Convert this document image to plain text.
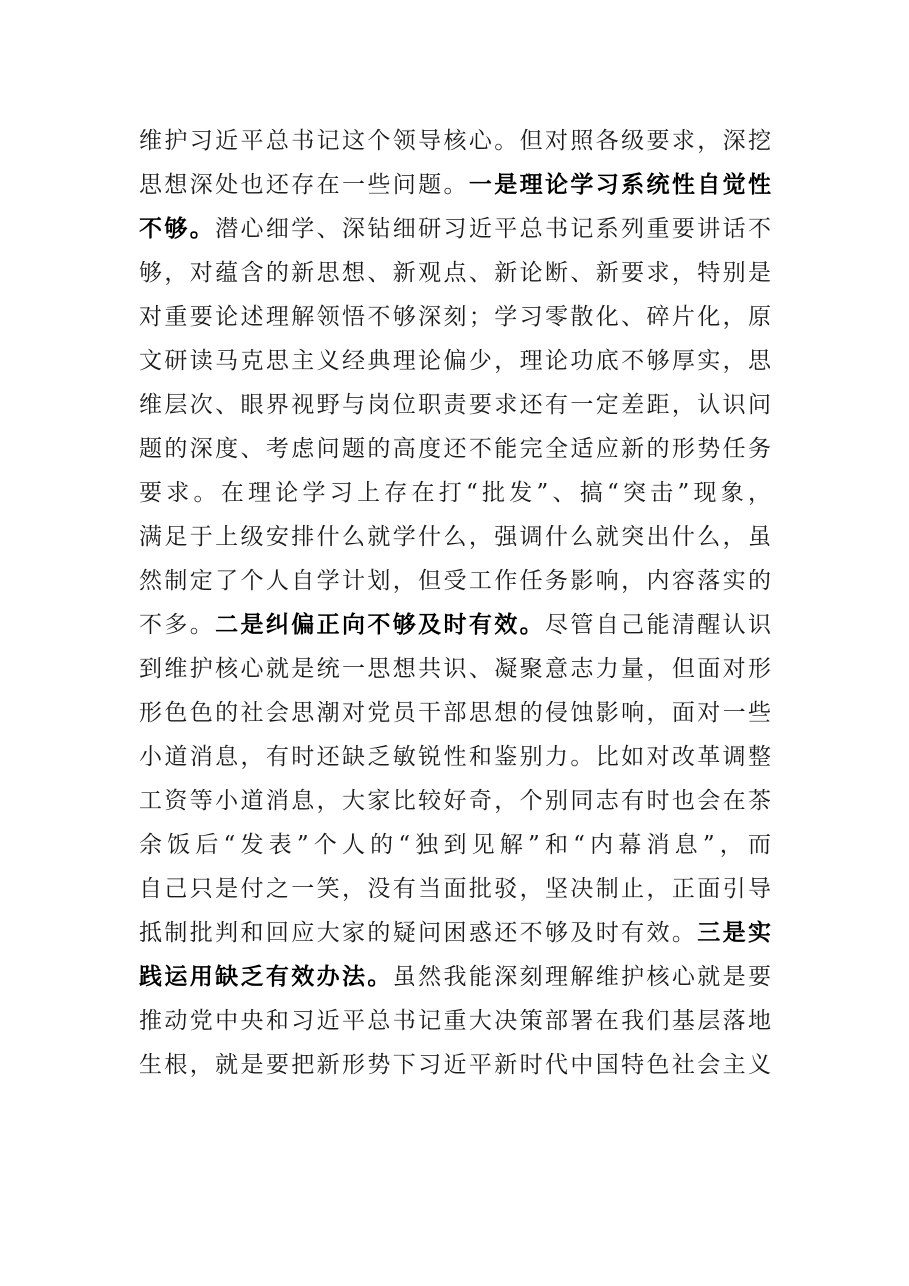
维护习近平总书记这个领导核心。但对照各级要求，深挖
思想深处也还存在一些问题。一是理论学习系统性自觉性
不够。潜心细学、深钻细研习近平总书记系列重要讲话不
够，对蕴含的新思想、新观点、新论断、新要求，特别是
对重要论述理解领悟不够深刻；学习零散化、碎片化，原
文研读马克思主义经典理论偏少，理论功底不够厚实，思
维层次、眼界视野与岗位职责要求还有一定差距，认识问
题的深度、考虑问题的高度还不能完全适应新的形势任务
要求。在理论学习上存在打“批发”、搞“突击”现象，
满足于上级安排什么就学什么，强调什么就突出什么，虽
然制定了个人自学计划，但受工作任务影响，内容落实的
不多。二是纠偏正向不够及时有效。尽管自己能清醒认识
到维护核心就是统一思想共识、凝聚意志力量，但面对形
形色色的社会思潮对党员干部思想的侵蚀影响，面对一些
小道消息，有时还缺乏敏锐性和鉴别力。比如对改革调整
工资等小道消息，大家比较好奇，个别同志有时也会在茶
余饭后“发表”个人的“独到见解”和“内幕消息”，而
自己只是付之一笑，没有当面批驳，坚决制止，正面引导
抵制批判和回应大家的疑问困惑还不够及时有效。三是实
践运用缺乏有效办法。虽然我能深刻理解维护核心就是要
推动党中央和习近平总书记重大决策部署在我们基层落地
生根，就是要把新形势下习近平新时代中国特色社会主义
